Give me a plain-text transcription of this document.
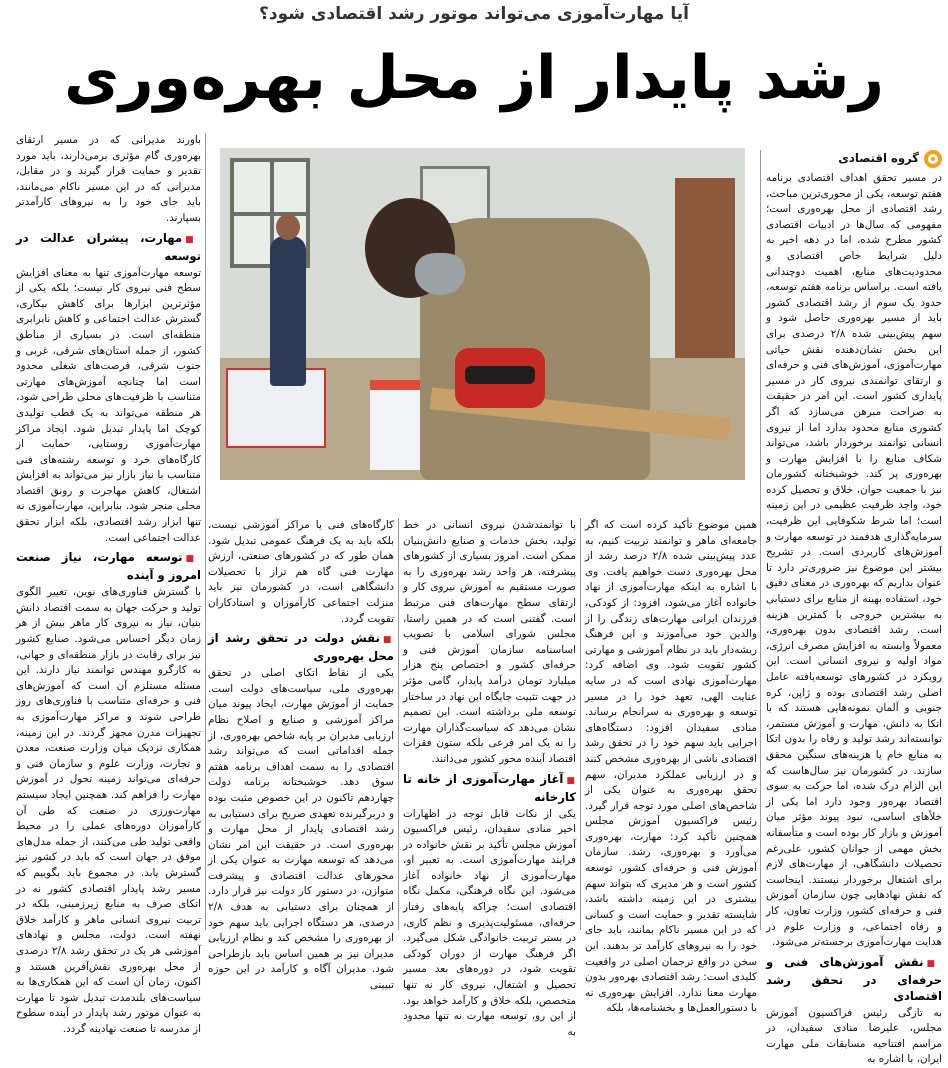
آیا مهارت‌آموزی می‌تواند موتور رشد اقتصادی شود؟
رشد پایدار از محل بهره‌وری
گروه اقتصادی

در مسیر تحقق اهداف اقتصادی برنامه هفتم توسعه، یکی از محوری‌ترین مباحث، رشد اقتصادی از محل بهره‌وری است؛ مفهومی که سال‌ها در ادبیات اقتصادی کشور مطرح شده، اما در دهه اخیر به دلیل شرایط خاص اقتصادی و محدودیت‌های منابع، اهمیت دوچندانی یافته است. براساس برنامه هفتم توسعه، حدود یک سوم از رشد اقتصادی کشور باید از مسیر بهره‌وری حاصل شود و سهم پیش‌بینی شده ۲/۸ درصدی برای این بخش نشان‌دهنده نقش حیاتی مهارت‌آموزی، آموزش‌های فنی و حرفه‌ای و ارتقای توانمندی نیروی کار در مسیر پایداری کشور است. این امر در حقیقت به صراحت مبرهن می‌سازد که اگر کشوری منابع محدود بدارد اما از نیروی انسانی توانمند برخوردار باشد، می‌تواند شکاف منابع را با افزایش مهارت و بهره‌وری پر کند. خوشبختانه کشورمان نیز با جمعیت جوان، خلاق و تحصیل کرده خود، واجد ظرفیت عظیمی در این زمینه است؛ اما شرط شکوفایی این ظرفیت، سرمایه‌گذاری هدفمند در توسعه مهارت و آموزش‌های کاربردی است. در تشریح بیشتر این موضوع نیز ضروری‌تر دارد تا عنوان بداریم که بهره‌وری در معنای دقیق خود، استفاده بهینه از منابع برای دستیابی به بیشترین خروجی با کمترین هزینه است. رشد اقتصادی بدون بهره‌وری، معمولاً وابسته به افزایش مصرف انرژی، مواد اولیه و نیروی انسانی است. این رویکرد در کشورهای توسعه‌یافته عامل اصلی رشد اقتصادی بوده و ژاپن، کره جنوبی و آلمان نمونه‌هایی هستند که با اتکا به دانش، مهارت و آموزش مستمر، توانسته‌اند رشد تولید و رفاه را بدون اتکا به منابع خام یا هزینه‌های سنگین محقق سازند. در کشورمان نیز سال‌هاست که این الزام درک شده، اما حرکت به سوی اقتصاد بهره‌ور وجود دارد اما یکی از خلأهای اساسی، نبود پیوند مؤثر میان آموزش و بازار کار بوده است و متأسفانه بخش مهمی از جوانان کشور، علی‌رغم تحصیلات دانشگاهی، از مهارت‌های لازم برای اشتغال برخوردار نیستند. اینجاست که نقش نهادهایی چون سازمان آموزش فنی و حرفه‌ای کشور، وزارت تعاون، کار و رفاه اجتماعی، و وزارت علوم در هدایت مهارت‌آموزی برجسته‌تر می‌شود.

■نقش آموزش‌های فنی و حرفه‌ای در تحقق رشد اقتصادی

به تازگی رئیس فراکسیون آموزش مجلس، علیرضا منادی سفیدان، در مراسم افتتاحیه مسابقات ملی مهارت ایران، با اشاره به

همین موضوع تأکید کرده است که اگر جامعه‌ای ماهر و توانمند تربیت کنیم، به عدد پیش‌بینی شده ۲/۸ درصد رشد از محل بهره‌وری دست خواهیم یافت. وی با اشاره به اینکه مهارت‌آموزی از نهاد خانواده آغاز می‌شود، افزود: از کودکی، فرزندان ایرانی مهارت‌های زندگی را از والدین خود می‌آموزند و این فرهنگ ریشه‌دار باید در نظام آموزشی و مهارتی کشور تقویت شود. وی اضافه کرد: مهارت‌آموزی نهادی است که در سایه عنایت الهی، تعهد خود را در مسیر توسعه و بهره‌وری به سرانجام برساند. منادی سفیدان افزود: دستگاه‌های اجرایی باید سهم خود را در تحقق رشد اقتصادی ناشی از بهره‌وری مشخص کنند و در ارزیابی عملکرد مدیران، سهم تحقق بهره‌وری به عنوان یکی از شاخص‌های اصلی مورد توجه قرار گیرد. رئیس فراکسیون آموزش مجلس همچنین تأکید کرد: مهارت، بهره‌وری می‌آورد و بهره‌وری، رشد. سازمان آموزش فنی و حرفه‌ای کشور، توسعه کشور است و هر مدیری که بتواند سهم بیشتری در این زمینه داشته باشد، شایسته تقدیر و حمایت است و کسانی که در این مسیر ناکام بمانند، باید جای خود را به نیروهای کارآمد تر بدهند. این سخن در واقع ترجمان اصلی در واقعیت کلیدی است: رشد اقتصادی بهره‌ور بدون مهارت معنا ندارد. افزایش بهره‌وری نه با دستورالعمل‌ها و بخشنامه‌ها، بلکه

با توانمندشدن نیروی انسانی در خط تولید، بخش خدمات و صنایع دانش‌بنیان ممکن است. امروز بسیاری از کشورهای پیشرفته، هر واحد رشد بهره‌وری را به صورت مستقیم به آموزش نیروی کار و ارتقای سطح مهارت‌های فنی مرتبط است. گفتنی است که در همین راستا، مجلس شورای اسلامی با تصویب اساسنامه سازمان آموزش فنی و حرفه‌ای کشور و اختصاص پنج هزار میلیارد تومان درآمد پایدار، گامی مؤثر در جهت تثبیت جایگاه این نهاد در ساختار توسعه ملی برداشته است. این تصمیم نشان می‌دهد که سیاست‌گذاران مهارت را نه یک امر فرعی بلکه ستون فقرات اقتصاد آینده محور کشور می‌دانند.

■آغاز مهارت‌آموزی از خانه تا کارخانه

یکی از نکات قابل توجه در اظهارات اخیر منادی سفیدان، رئیس فراکسیون آموزش مجلس تأکید بر نقش خانواده در فرایند مهارت‌آموزی است. به تعبیر او، مهارت‌آموزی از نهاد خانواده آغاز می‌شود. این نگاه فرهنگی، مکمل نگاه اقتصادی است؛ چراکه پایه‌های رفتار حرفه‌ای، مسئولیت‌پذیری و نظم کاری، در بستر تربیت خانوادگی شکل می‌گیرد. اگر فرهنگ مهارت از دوران کودکی تقویت شود، در دوره‌های بعد مسیر تحصیل و اشتغال، نیروی کار نه تنها متخصص، بلکه خلاق و کارآمد خواهد بود. از این رو، توسعه مهارت نه تنها محدود به

کارگاه‌های فنی یا مراکز آموزشی نیست، بلکه باید به یک فرهنگ عمومی تبدیل شود. همان طور که در کشورهای صنعتی، ارزش مهارت فنی گاه هم تراز با تحصیلات دانشگاهی است، در کشورمان نیز باید منزلت اجتماعی کارآموزان و استادکاران تقویت گردد.

■نقش دولت در تحقق رشد از محل بهره‌وری

یکی از نقاط اتکای اصلی در تحقق بهره‌وری ملی، سیاست‌های دولت است. حمایت از آموزش مهارت، ایجاد پیوند میان مراکز آموزشی و صنایع و اصلاح نظام ارزیابی مدیران بر پایه شاخص بهره‌وری، از جمله اقداماتی است که می‌تواند رشد اقتصادی را به سمت اهداف برنامه هفتم سوق دهد. خوشبختانه برنامه دولت چهاردهم تاکنون در این خصوص مثبت بوده و دربرگیرنده تعهدی صریح برای دستیابی به رشد اقتصادی پایدار از محل مهارت و بهره‌وری است. در حقیقت این امر نشان می‌دهد که توسعه مهارت به عنوان یکی از محورهای عدالت اقتصادی و پیشرفت متوازن، در دستور کار دولت نیز قرار دارد. از همچنان برای دستیابی به هدف ۲/۸ درصدی، هر دستگاه اجرایی باید سهم خود از بهره‌وری را مشخص کند و نظام ارزیابی مدیران نیز بر همین اساس باید بازطراحی شود. مدیران آگاه و کارآمد در این حوزه تبیینی

باورند مدیرانی که در مسیر ارتقای بهره‌وری گام مؤثری برمی‌دارند، باید مورد تقدیر و حمایت قرار گیرند و در مقابل، مدیرانی که در این مسیر ناکام می‌مانند، باید جای خود را به نیروهای کارآمدتر بسپارند.

■مهارت، پیشران عدالت در توسعه

توسعه مهارت‌آموزی تنها به معنای افزایش سطح فنی نیروی کار نیست؛ بلکه یکی از مؤثرترین ابزارها برای کاهش بیکاری، گسترش عدالت اجتماعی و کاهش نابرابری منطقه‌ای است. در بسیاری از مناطق کشور، از جمله استان‌های شرقی، غربی و جنوب شرقی، فرصت‌های شغلی محدود است اما چنانچه آموزش‌های مهارتی متناسب با ظرفیت‌های محلی طراحی شود، هر منطقه می‌تواند به یک قطب تولیدی کوچک اما پایدار تبدیل شود. ایجاد مراکز مهارت‌آموزی روستایی، حمایت از کارگاه‌های خرد و توسعه رشته‌های فنی متناسب با نیاز بازار نیز می‌تواند به افزایش اشتغال، کاهش مهاجرت و رونق اقتصاد محلی منجر شود. بنابراین، مهارت‌آموزی نه تنها ابزار رشد اقتصادی، بلکه ابزار تحقق عدالت اجتماعی است.

■توسعه مهارت، نیاز صنعت امروز و آینده

با گسترش فناوری‌های نوین، تغییر الگوی تولید و حرکت جهان به سمت اقتصاد دانش بنیان، نیاز به نیروی کار ماهر بیش از هر زمان دیگر احساس می‌شود. صنایع کشور نیز برای رقابت در بازار منطقه‌ای و جهانی، به کارگرو مهندس توانمند نیاز دارند. این مسئله مستلزم آن است که آموزش‌های فنی و حرفه‌ای متناسب با فناوری‌های روز طراحی شوند و مراکز مهارت‌آموزی به تجهیزات مدرن مجهز گردند. در این زمینه، همکاری نزدیک میان وزارت صنعت، معدن و تجارت، وزارت علوم و سازمان فنی و حرفه‌ای می‌تواند زمینه تحول در آموزش مهارت را فراهم کند. همچنین ایجاد سیستم مهارت‌ورزی در صنعت که طی آن کارآموزان دوره‌های عملی را در محیط واقعی تولید طی می‌کنند، از جمله مدل‌های موفق در جهان است که باید در کشور نیز گسترش یابد. در مجموع باید بگوییم که مسیر رشد پایدار اقتصادی کشور نه در اتکای صرف به منابع زیرزمینی، بلکه در تربیت نیروی انسانی ماهر و کارآمد خلاق نهفته است. دولت، مجلس و نهادهای آموزشی هر یک در تحقق رشد ۲/۸ درصدی از محل بهره‌وری نقش‌آفرین هستند و اکنون، زمان آن است که این همکاری‌ها به سیاست‌های بلندمدت تبدیل شود تا مهارت به عنوان موتور رشد پایدار در آینده سطوح از مدرسه تا صنعت نهادینه گردد.
